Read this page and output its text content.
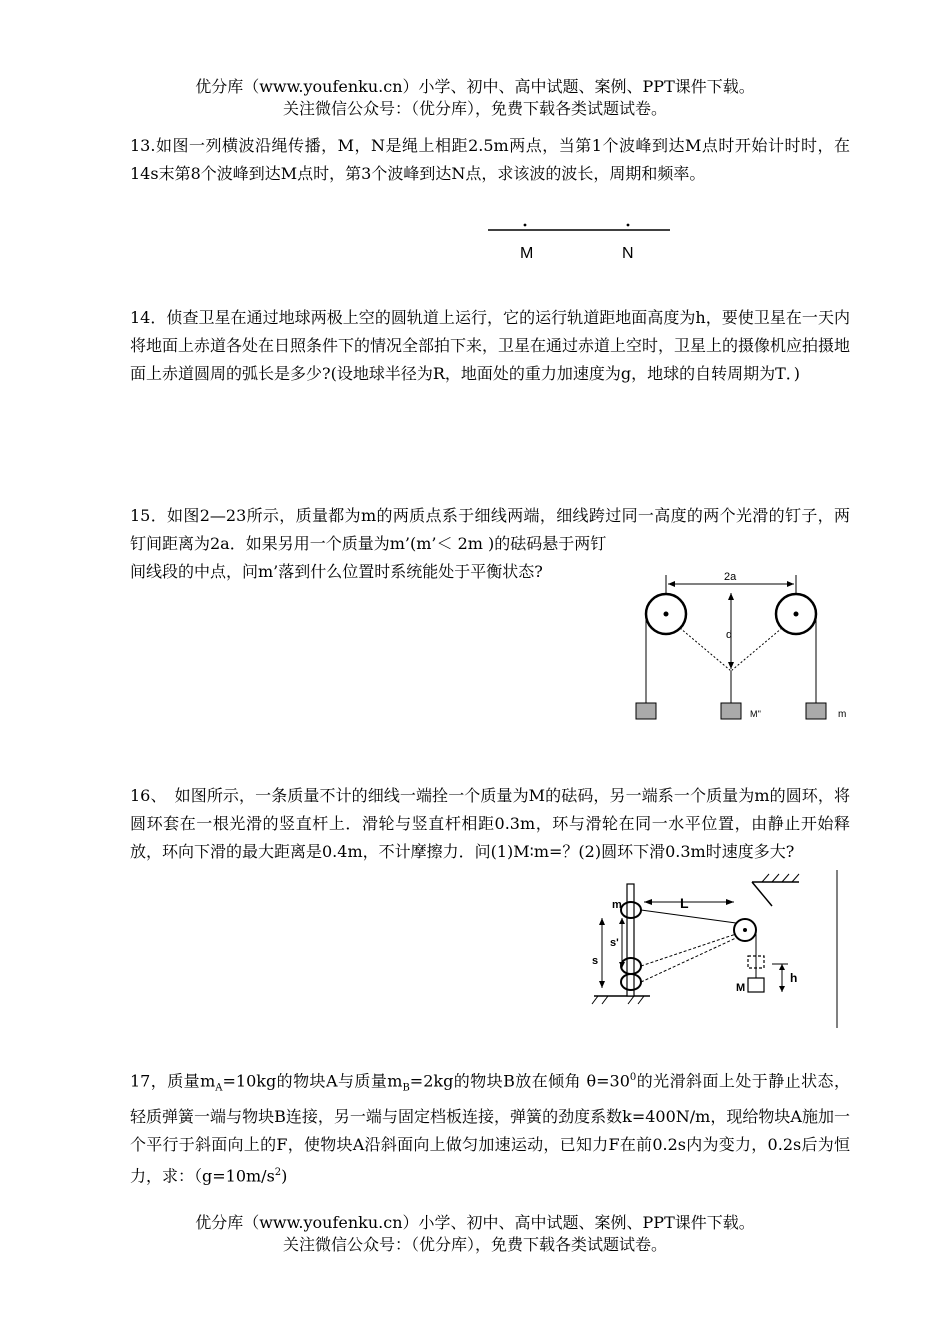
优分库（www.youfenku.cn）小学、初中、高中试题、案例、PPT课件下载。
关注微信公众号：（优分库），免费下载各类试题试卷。

13.如图一列横波沿绳传播，M，N是绳上相距2.5m两点，当第1个波峰到达M点时开始计时时，在14s末第8个波峰到达M点时，第3个波峰到达N点，求该波的波长，周期和频率。

M	N

14．侦查卫星在通过地球两极上空的圆轨道上运行，它的运行轨道距地面高度为h，要使卫星在一天内将地面上赤道各处在日照条件下的情况全部拍下来，卫星在通过赤道上空时，卫星上的摄像机应拍摄地面上赤道圆周的弧长是多少?(设地球半径为R，地面处的重力加速度为g，地球的自转周期为T．)

15．如图2—23所示，质量都为m的两质点系于细线两端，细线跨过同一高度的两个光滑的钉子，两钉间距离为2a．如果另用一个质量为m’(m’＜ 2m )的砝码悬于两钉

间线段的中点，问m’落到什么位置时系统能处于平衡状态?	2a
d
M''	m

16、　如图所示，一条质量不计的细线一端拴一个质量为M的砝码，另一端系一个质量为m的圆环，将圆环套在一根光滑的竖直杆上．滑轮与竖直杆相距0.3m，环与滑轮在同一水平位置，由静止开始释放，环向下滑的最大距离是0.4m，不计摩擦力．问(1)M∶m=？(2)圆环下滑0.3m时速度多大?

m	L
s
s'
M
h

17，质量$m_A=10kg$的物块A与质量$m_B=2kg$的物块B放在倾角 $\theta=30^0$的光滑斜面上处于静止状态，轻质弹簧一端与物块B连接，另一端与固定档板连接，弹簧的劲度系数k=400N/m，现给物块A施加一个平行于斜面向上的F，使物块A沿斜面向上做匀加速运动，已知力F在前0.2s内为变力，0.2s后为恒力，求：$(g=10m/s^2)$

优分库（www.youfenku.cn）小学、初中、高中试题、案例、PPT课件下载。
关注微信公众号：（优分库），免费下载各类试题试卷。
